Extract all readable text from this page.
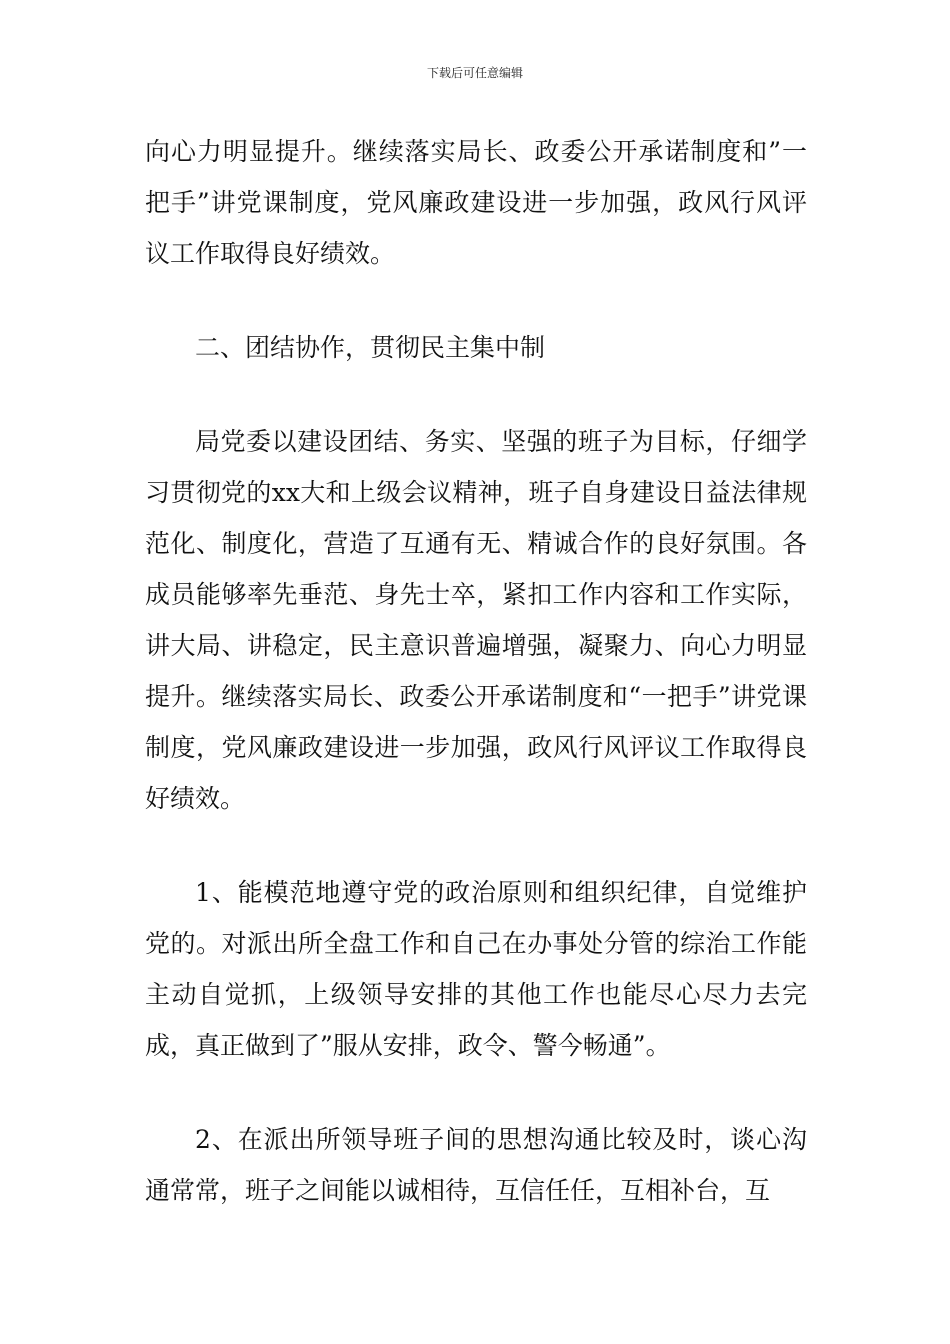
下载后可任意编辑

向心力明显提升。继续落实局长、政委公开承诺制度和”一把手”讲党课制度，党风廉政建设进一步加强，政风行风评议工作取得良好绩效。

二、团结协作，贯彻民主集中制

局党委以建设团结、务实、坚强的班子为目标，仔细学习贯彻党的xx大和上级会议精神，班子自身建设日益法律规范化、制度化，营造了互通有无、精诚合作的良好氛围。各成员能够率先垂范、身先士卒，紧扣工作内容和工作实际，讲大局、讲稳定，民主意识普遍增强，凝聚力、向心力明显提升。继续落实局长、政委公开承诺制度和“一把手”讲党课制度，党风廉政建设进一步加强，政风行风评议工作取得良好绩效。

1、能模范地遵守党的政治原则和组织纪律，自觉维护党的。对派出所全盘工作和自己在办事处分管的综治工作能主动自觉抓，上级领导安排的其他工作也能尽心尽力去完成，真正做到了”服从安排，政令、警今畅通”。

2、在派出所领导班子间的思想沟通比较及时，谈心沟通常常，班子之间能以诚相待，互信任任，互相补台，互
